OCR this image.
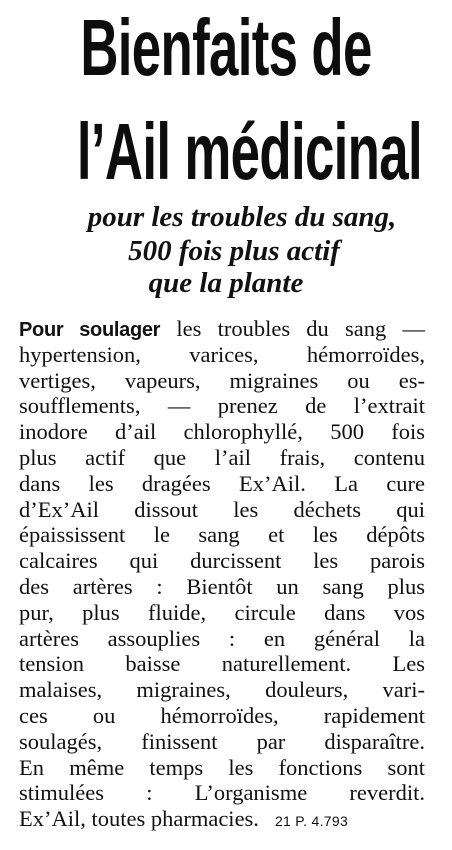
Bienfaits de
l’Ail médicinal
pour les troubles du sang,
500 fois plus actif
que la plante
Pour soulager les troubles du sang —
hypertension, varices, hémorroïdes,
vertiges, vapeurs, migraines ou es-
soufflements, — prenez de l’extrait
inodore d’ail chlorophyllé, 500 fois
plus actif que l’ail frais, contenu
dans les dragées Ex’Ail. La cure
d’Ex’Ail dissout les déchets qui
épaississent le sang et les dépôts
calcaires qui durcissent les parois
des artères : Bientôt un sang plus
pur, plus fluide, circule dans vos
artères assouplies : en général la
tension baisse naturellement. Les
malaises, migraines, douleurs, vari-
ces ou hémorroïdes, rapidement
soulagés, finissent par disparaître.
En même temps les fonctions sont
stimulées : L’organisme reverdit.
Ex’Ail, toutes pharmacies. 21 P. 4.793
